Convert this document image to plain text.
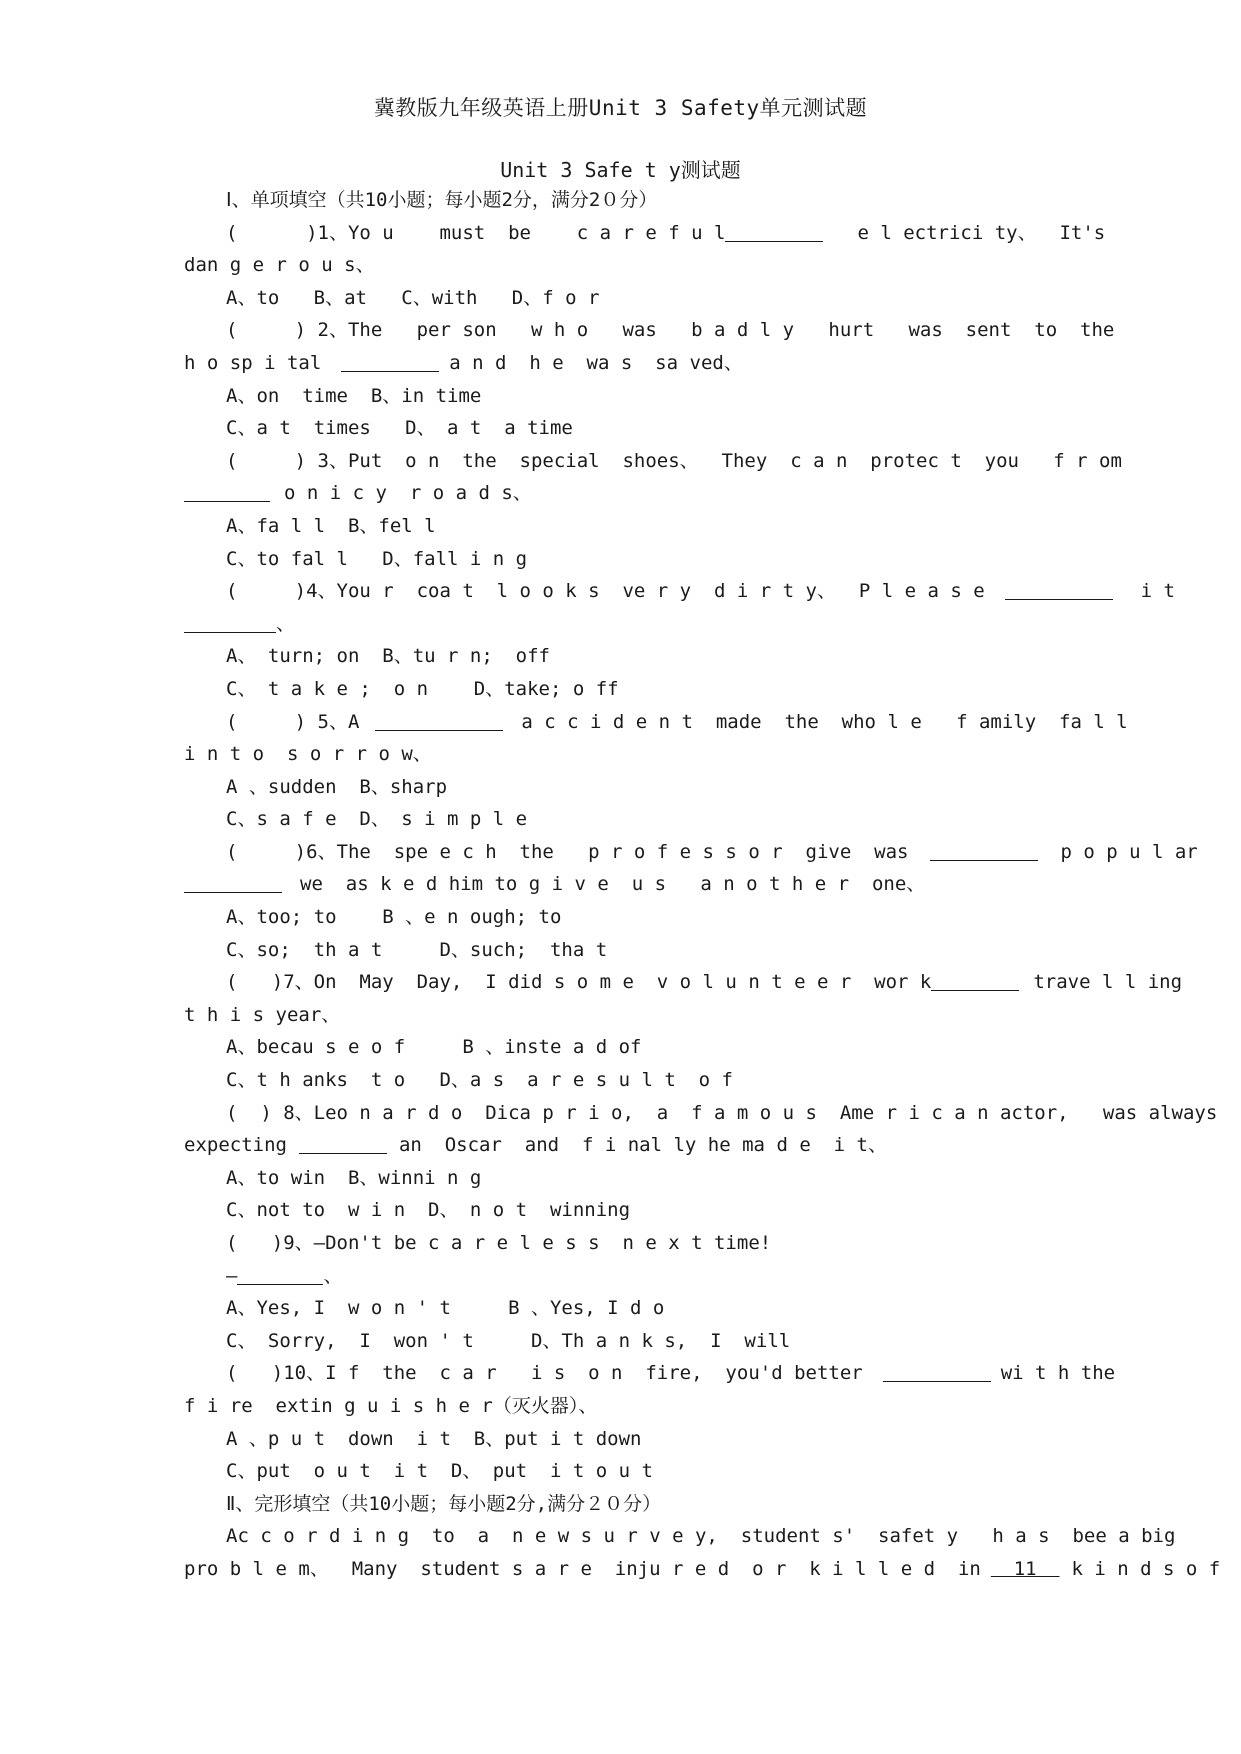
冀教版九年级英语上册Unit 3 Safety单元测试题
Unit 3 Safe t y测试题
Ⅰ、单项填空（共10小题；每小题2分，满分2０分）
(      )1、Yo u    must  be    c a r e f u l	e l ectrici ty、  It's
dan g e r o u s、
A、to   B、at   C、with   D、f o r
(     ) 2、The   per son   w h o   was   b a d l y   hurt   was  sent  to  the
h o sp i tal	a n d  h e  wa s  sa ved、
A、on  time  B、in time
C、a t  times   D、 a t  a time
(     ) 3、Put  o n  the  special  shoes、  They  c a n  protec t  you   f r om
o n i c y  r o a d s、
A、fa l l  B、fel l
C、to fal l   D、fall i n g
(     )4、You r  coa t  l o o k s  ve r y  d i r t y、  P l e a s e	i t
、
A、 turn; on  B、tu r n;  off
C、 t a k e ;  o n    D、take; o ff
(     ) 5、A	a c c i d e n t  made  the  who l e   f amily  fa l l
i n t o  s o r r o w、
A 、sudden  B、sharp
C、s a f e  D、 s i m p l e
(     )6、The  spe e c h  the   p r o f e s s o r  give  was	p o p u l ar
we  as k e d him to g i v e  u s   a n o t h e r  one、
A、too; to    B 、e n ough; to
C、so;  th a t     D、such;  tha t
(   )7、On  May  Day,  I did s o m e  v o l u n t e e r  wor k	trave l l ing
t h i s year、
A、becau s e o f     B 、inste a d of
C、t h anks  t o   D、a s  a r e s u l t  o f
(  ) 8、Leo n a r d o  Dica p r i o,  a  f a m o u s  Ame r i c a n actor,   was always
expecting	an  Oscar  and  f i nal ly he ma d e  i t、
A、to win  B、winni n g
C、not to  w i n  D、 n o t  winning
(   )9、—Don't be c a r e l e s s  n e x t time!
—	、
A、Yes, I  w o n ' t     B 、Yes, I d o
C、 Sorry,  I  won ' t     D、Th a n k s,  I  will
(   )10、I f  the  c a r   i s  o n  fire,  you'd better	wi t h the
f i re  extin g u i s h e r（灭火器）、
A 、p u t  down  i t  B、put i t down
C、put  o u t  i t  D、 put  i t o u t
Ⅱ、完形填空（共10小题；每小题2分,满分２０分）
Ac c o r d i n g  to  a  n e w s u r v e y,  student s'  safet y   h a s  bee a big
pro b l e m、  Many  student s a r e  inju r e d  o r  k i l l e d  in  11  k i n d s o f
